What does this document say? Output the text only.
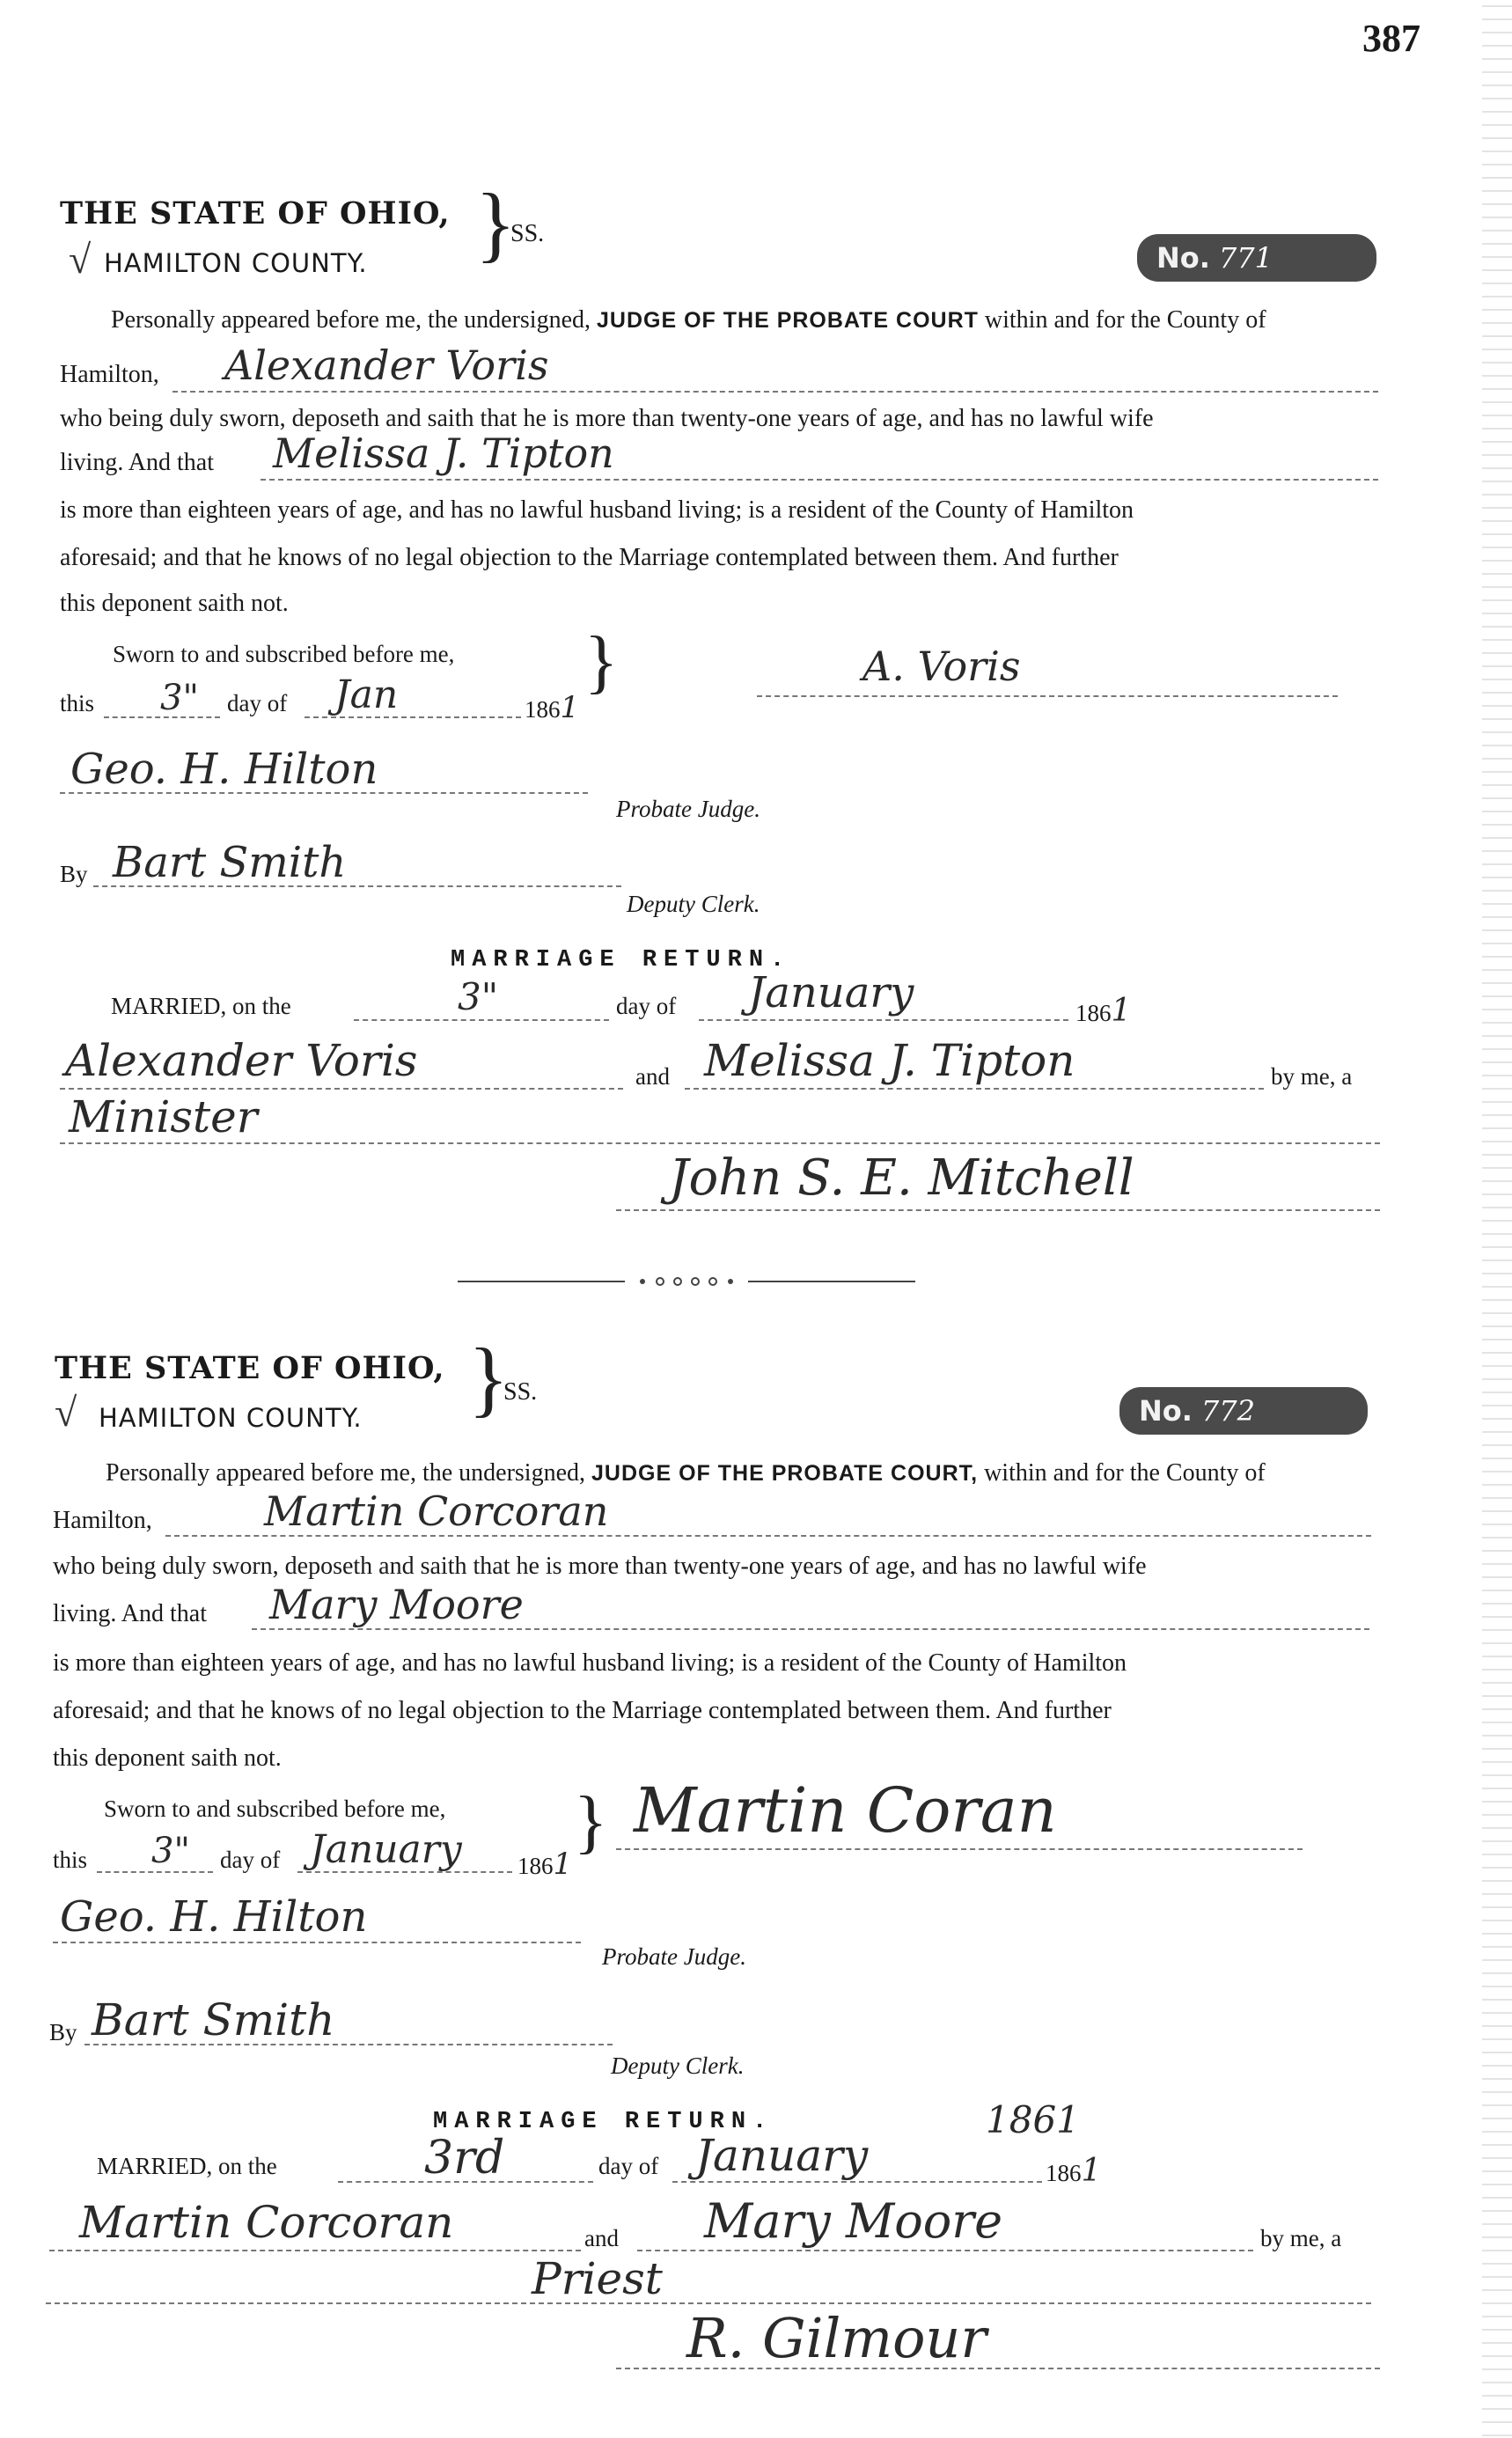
387
THE STATE OF OHIO,
√ HAMILTON COUNTY. }
SS.
No. 771
Personally appeared before me, the undersigned, JUDGE OF THE PROBATE COURT within and for the County of
Hamilton, Alexander Voris
who being duly sworn, deposeth and saith that he is more than twenty-one years of age, and has no lawful wife
living. And that Melissa J. Tipton
is more than eighteen years of age, and has no lawful husband living; is a resident of the County of Hamilton
aforesaid; and that he knows of no legal objection to the Marriage contemplated between them. And further
this deponent saith not.
Sworn to and subscribed before me, }	A. Voris
this 3" day of Jan	1861
Geo. H. Hilton
Probate Judge.
By Bart Smith
Deputy Clerk.
MARRIAGE RETURN.
MARRIED, on the	3"	day of January	1861
Alexander Voris	and Melissa J. Tipton	by me, a
Minister
John S. E. Mitchell
THE STATE OF OHIO,
√ HAMILTON COUNTY. }
SS.
No. 772
Personally appeared before me, the undersigned, JUDGE OF THE PROBATE COURT, within and for the County of
Hamilton,	Martin Corcoran
who being duly sworn, deposeth and saith that he is more than twenty-one years of age, and has no lawful wife
living. And that Mary Moore
is more than eighteen years of age, and has no lawful husband living; is a resident of the County of Hamilton
aforesaid; and that he knows of no legal objection to the Marriage contemplated between them. And further
this deponent saith not.
Sworn to and subscribed before me, } Martin Coran
this 3" day of January 1861
Geo. H. Hilton
Probate Judge.
By Bart Smith
Deputy Clerk.
MARRIAGE RETURN.	1861
MARRIED, on the	3rd	day of January	1861
Martin Corcoran	and Mary Moore	by me, a
Priest
R. Gilmour
